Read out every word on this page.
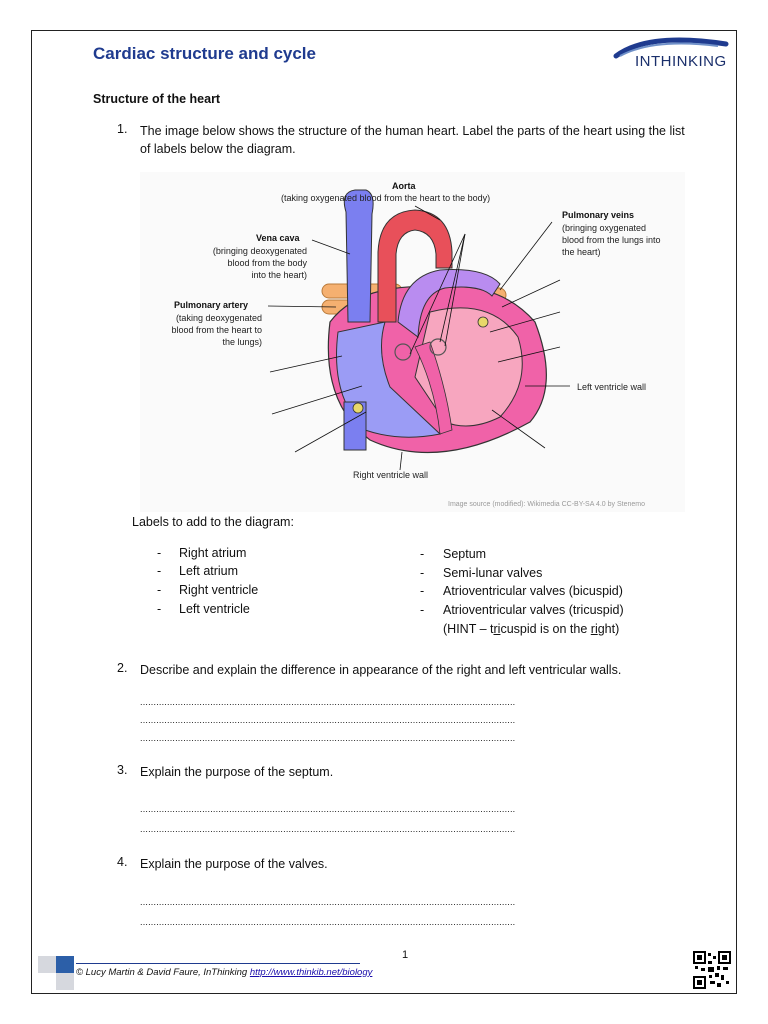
Cardiac structure and cycle	INTHINKING
Structure of the heart
1. The image below shows the structure of the human heart. Label the parts of the heart using the list of labels below the diagram.
Aorta
(taking oxygenated blood from the heart to the body)
Vena cava
(bringing deoxygenated
blood from the body
into the heart)
Pulmonary artery
(taking deoxygenated
blood from the heart to
the lungs)
Pulmonary veins
(bringing oxygenated
blood from the lungs into
the heart)
Left ventricle wall
Right ventricle wall
Image source (modified): Wikimedia CC-BY-SA 4.0 by Stenemo
Labels to add to the diagram:
- Right atrium
- Left atrium
- Right ventricle
- Left ventricle
- Septum
- Semi-lunar valves
- Atrioventricular valves (bicuspid)
- Atrioventricular valves (tricuspid)
(HINT – tricuspid is on the right)
2. Describe and explain the difference in appearance of the right and left ventricular walls.
...........................................................................................................................................
...........................................................................................................................................
...........................................................................................................................................
3. Explain the purpose of the septum.
...........................................................................................................................................
...........................................................................................................................................
4. Explain the purpose of the valves.
...........................................................................................................................................
...........................................................................................................................................
1
© Lucy Martin & David Faure, InThinking http://www.thinkib.net/biology
